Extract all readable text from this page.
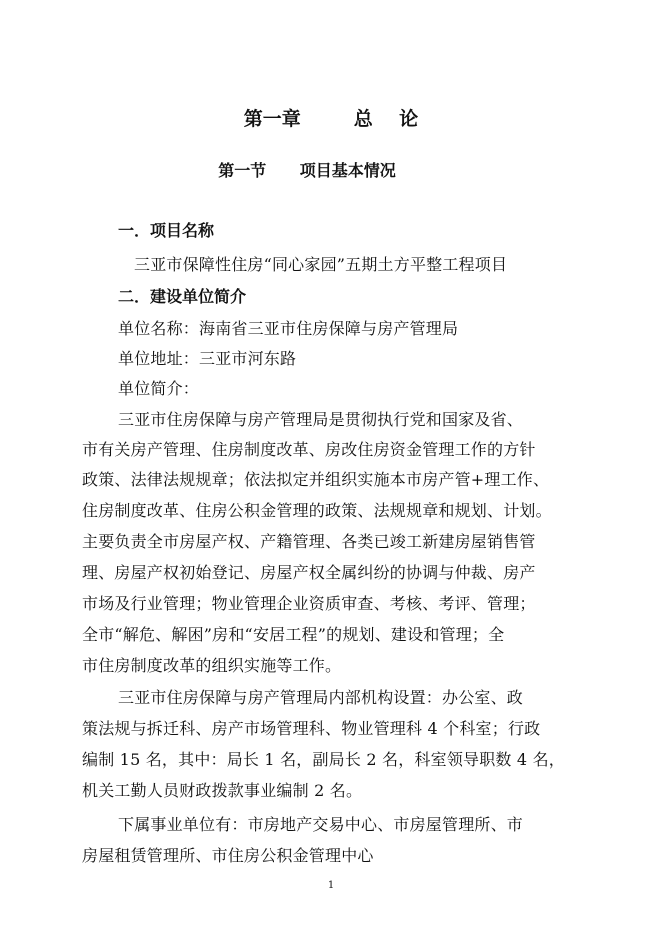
第一章        总    论
第一节      项目基本情况
一．项目名称
三亚市保障性住房“同心家园”五期土方平整工程项目
二．建设单位简介
单位名称：海南省三亚市住房保障与房产管理局
单位地址：三亚市河东路
单位简介：
三亚市住房保障与房产管理局是贯彻执行党和国家及省、
市有关房产管理、住房制度改革、房改住房资金管理工作的方针
政策、法律法规规章；依法拟定并组织实施本市房产管+理工作、
住房制度改革、住房公积金管理的政策、法规规章和规划、计划。
主要负责全市房屋产权、产籍管理、各类已竣工新建房屋销售管
理、房屋产权初始登记、房屋产权全属纠纷的协调与仲裁、房产
市场及行业管理；物业管理企业资质审查、考核、考评、管理；
全市“解危、解困”房和“安居工程”的规划、建设和管理；全
市住房制度改革的组织实施等工作。
三亚市住房保障与房产管理局内部机构设置：办公室、政
策法规与拆迁科、房产市场管理科、物业管理科 4 个科室；行政
编制 15 名，其中：局长 1 名，副局长 2 名，科室领导职数 4 名，
机关工勤人员财政拨款事业编制 2 名。
下属事业单位有：市房地产交易中心、市房屋管理所、市
房屋租赁管理所、市住房公积金管理中心
1
